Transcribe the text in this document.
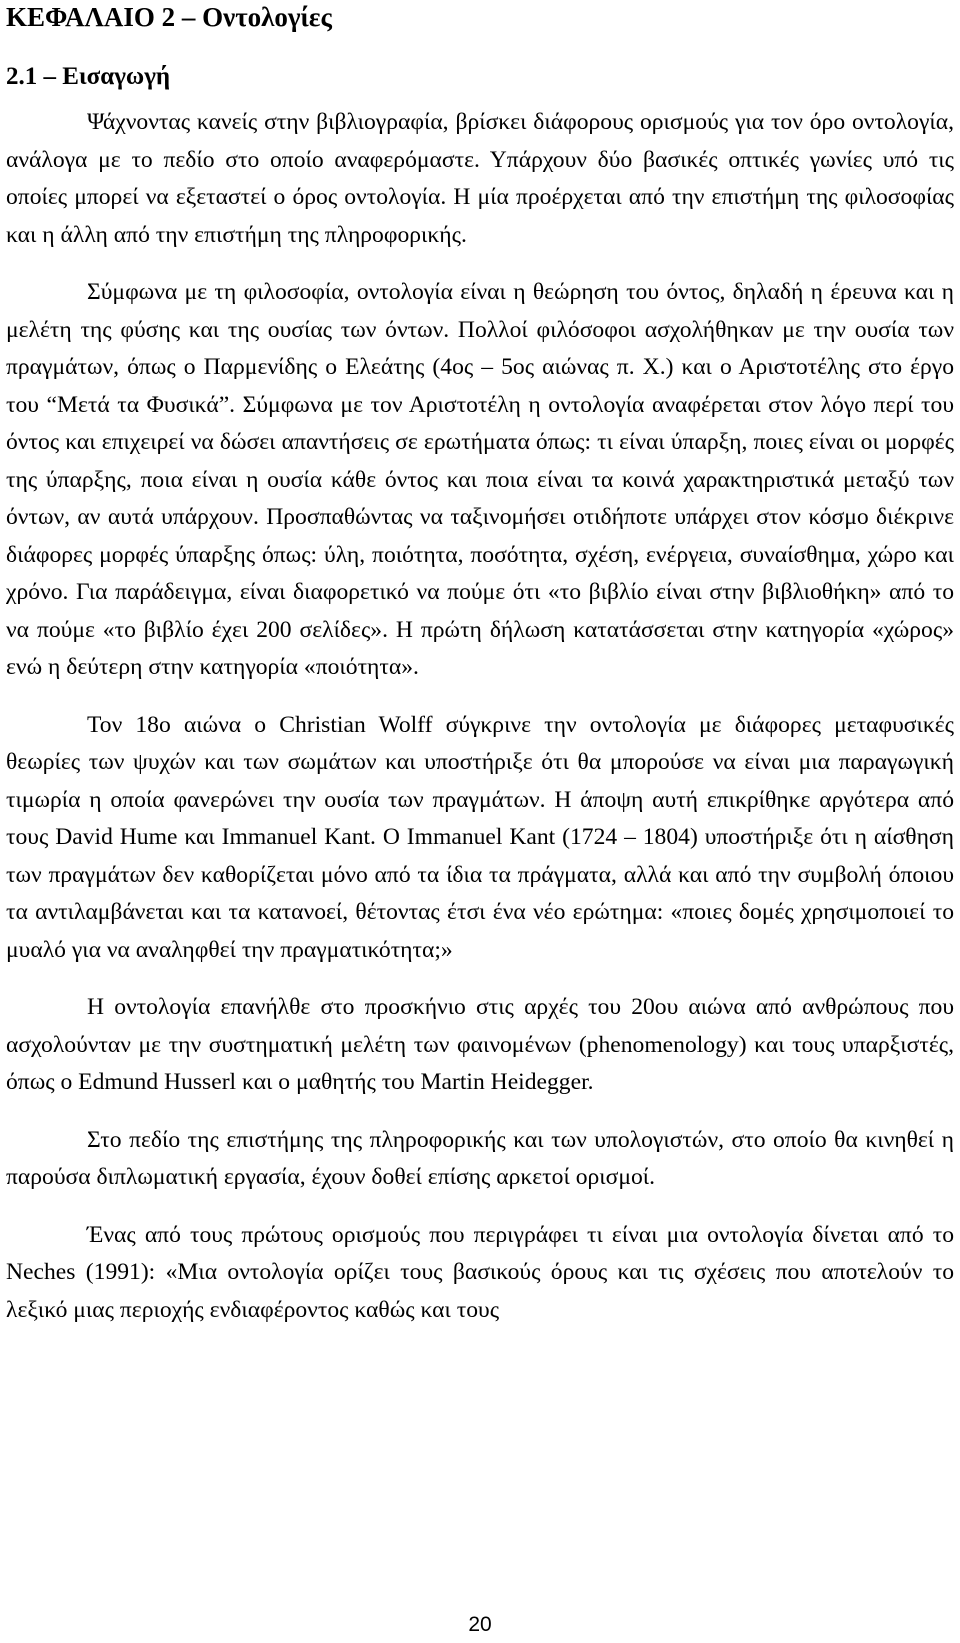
ΚΕΦΑΛΑΙΟ 2 – Οντολογίες
2.1 – Εισαγωγή

Ψάχνοντας κανείς στην βιβλιογραφία, βρίσκει διάφορους ορισμούς για τον όρο οντολογία, ανάλογα με το πεδίο στο οποίο αναφερόμαστε. Υπάρχουν δύο βασικές οπτικές γωνίες υπό τις οποίες μπορεί να εξεταστεί ο όρος οντολογία. Η μία προέρχεται από την επιστήμη της φιλοσοφίας και η άλλη από την επιστήμη της πληροφορικής.

Σύμφωνα με τη φιλοσοφία, οντολογία είναι η θεώρηση του όντος, δηλαδή η έρευνα και η μελέτη της φύσης και της ουσίας των όντων. Πολλοί φιλόσοφοι ασχολήθηκαν με την ουσία των πραγμάτων, όπως ο Παρμενίδης ο Ελεάτης (4ος – 5ος αιώνας π. Χ.) και ο Αριστοτέλης στο έργο του “Μετά τα Φυσικά”. Σύμφωνα με τον Αριστοτέλη η οντολογία αναφέρεται στον λόγο περί του όντος και επιχειρεί να δώσει απαντήσεις σε ερωτήματα όπως: τι είναι ύπαρξη, ποιες είναι οι μορφές της ύπαρξης, ποια είναι η ουσία κάθε όντος και ποια είναι τα κοινά χαρακτηριστικά μεταξύ των όντων, αν αυτά υπάρχουν. Προσπαθώντας να ταξινομήσει οτιδήποτε υπάρχει στον κόσμο διέκρινε διάφορες μορφές ύπαρξης όπως: ύλη, ποιότητα, ποσότητα, σχέση, ενέργεια, συναίσθημα, χώρο και χρόνο. Για παράδειγμα, είναι διαφορετικό να πούμε ότι «το βιβλίο είναι στην βιβλιοθήκη» από το να πούμε «το βιβλίο έχει 200 σελίδες». Η πρώτη δήλωση κατατάσσεται στην κατηγορία «χώρος» ενώ η δεύτερη στην κατηγορία «ποιότητα».

Τον 18ο αιώνα ο Christian Wolff σύγκρινε την οντολογία με διάφορες μεταφυσικές θεωρίες των ψυχών και των σωμάτων και υποστήριξε ότι θα μπορούσε να είναι μια παραγωγική τιμωρία η οποία φανερώνει την ουσία των πραγμάτων. Η άποψη αυτή επικρίθηκε αργότερα από τους David Hume και Immanuel Kant. Ο Immanuel Kant (1724 – 1804) υποστήριξε ότι η αίσθηση των πραγμάτων δεν καθορίζεται μόνο από τα ίδια τα πράγματα, αλλά και από την συμβολή όποιου τα αντιλαμβάνεται και τα κατανοεί, θέτοντας έτσι ένα νέο ερώτημα: «ποιες δομές χρησιμοποιεί το μυαλό για να αναληφθεί την πραγματικότητα;»

Η οντολογία επανήλθε στο προσκήνιο στις αρχές του 20ου αιώνα από ανθρώπους που ασχολούνταν με την συστηματική μελέτη των φαινομένων (phenomenology) και τους υπαρξιστές, όπως ο Edmund Husserl και ο μαθητής του Martin Heidegger.

Στο πεδίο της επιστήμης της πληροφορικής και των υπολογιστών, στο οποίο θα κινηθεί η παρούσα διπλωματική εργασία, έχουν δοθεί επίσης αρκετοί ορισμοί.

Ένας από τους πρώτους ορισμούς που περιγράφει τι είναι μια οντολογία δίνεται από το Neches (1991): «Μια οντολογία ορίζει τους βασικούς όρους και τις σχέσεις που αποτελούν το λεξικό μιας περιοχής ενδιαφέροντος καθώς και τους

20
